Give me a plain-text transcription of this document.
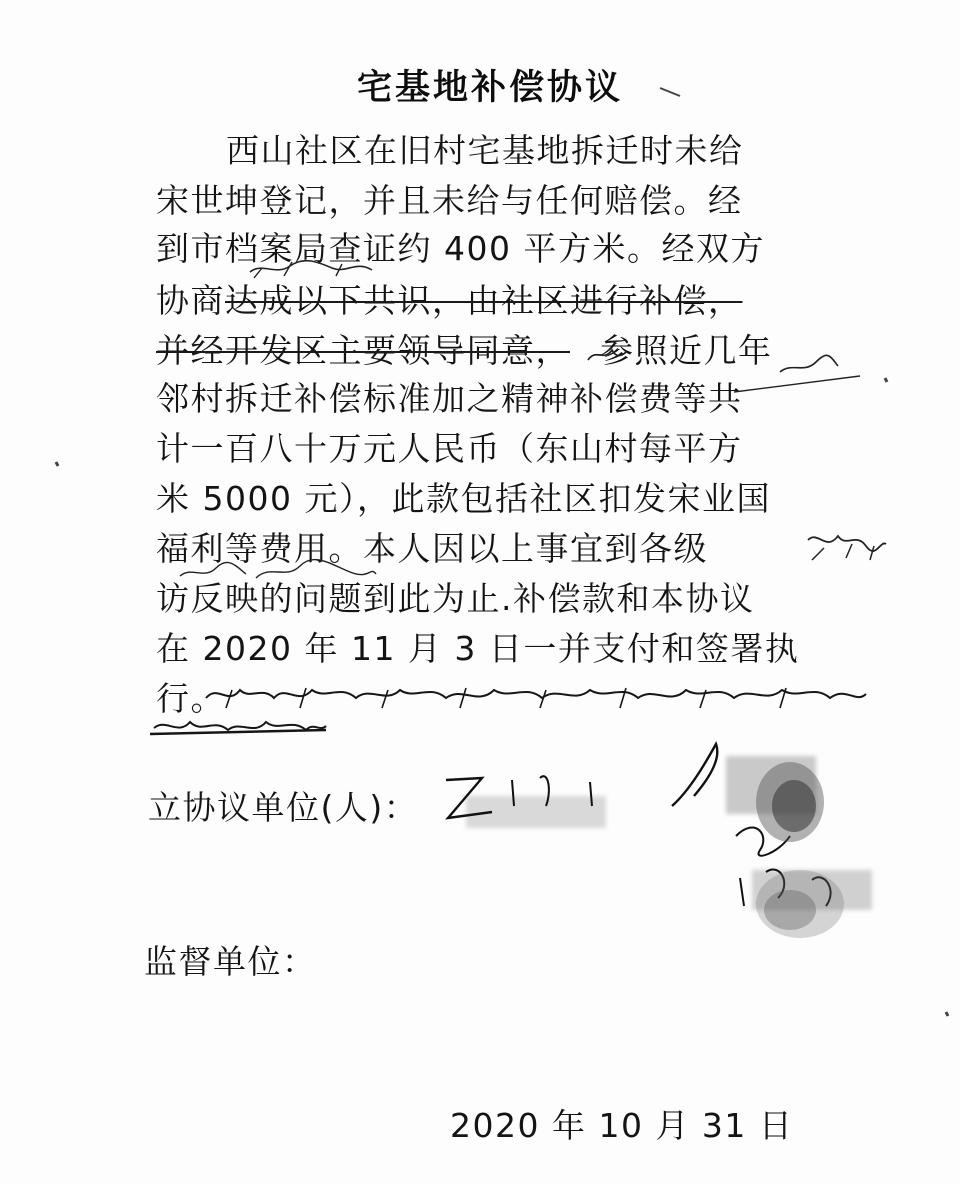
宅基地补偿协议
西山社区在旧村宅基地拆迁时未给
宋世坤登记，并且未给与任何赔偿。经
到市档案局查证约 400 平方米。经双方
协商达成以下共识，由社区进行补偿，
并经开发区主要领导同意， 参照近几年
邻村拆迁补偿标准加之精神补偿费等共
计一百八十万元人民币（东山村每平方
米 5000 元），此款包括社区扣发宋业国
福利等费用。本人因以上事宜到各级
访反映的问题到此为止.补偿款和本协议
在 2020 年 11 月 3 日一并支付和签署执
行。
立协议单位(人)：
监督单位：
2020 年 10 月 31 日
